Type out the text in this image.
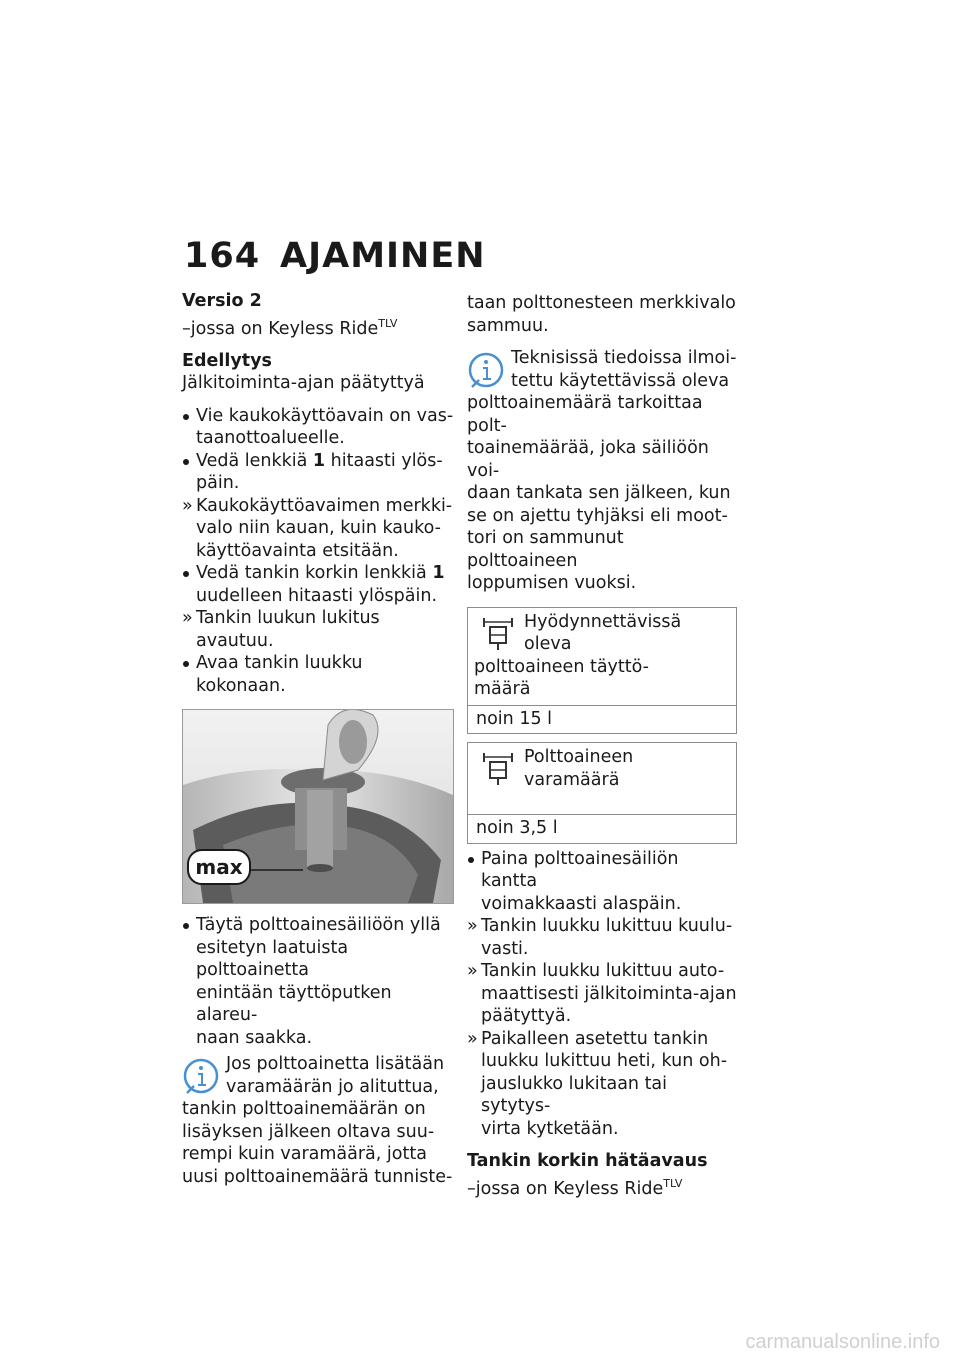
164 AJAMINEN

Versio 2

–jossa on Keyless Ride$^{TLV}$

Edellytys

Jälkitoiminta-ajan päätyttyä

Vie kaukokäyttöavain on vas-

taanottoalueelle.

Vedä lenkkiä 1 hitaasti ylös-

päin.

» Kaukokäyttöavaimen merkki-

valo niin kauan, kuin kauko-

käyttöavainta etsitään.

Vedä tankin korkin lenkkiä 1

uudelleen hitaasti ylöspäin.

» Tankin luukun lukitus avautuu.

Avaa tankin luukku kokonaan.

max

Täytä polttoainesäiliöön yllä

esitetyn laatuista polttoainetta

enintään täyttöputken alareu-

naan saakka.

Jos polttoainetta lisätään

varamäärän jo alituttua,

tankin polttoainemäärän on

lisäyksen jälkeen oltava suu-

rempi kuin varamäärä, jotta

uusi polttoainemäärä tunniste-

taan polttonesteen merkkivalo

sammuu.

Teknisissä tiedoissa ilmoi-

tettu käytettävissä oleva

polttoainemäärä tarkoittaa polt-

toainemäärää, joka säiliöön voi-

daan tankata sen jälkeen, kun

se on ajettu tyhjäksi eli moot-

tori on sammunut polttoaineen

loppumisen vuoksi.

Hyödynnettävissä oleva

polttoaineen täyttö-

määrä

noin 15 l

Polttoaineen varamäärä

noin 3,5 l

Paina polttoainesäiliön kantta

voimakkaasti alaspäin.

» Tankin luukku lukittuu kuulu-

vasti.

» Tankin luukku lukittuu auto-

maattisesti jälkitoiminta-ajan

päätyttyä.

» Paikalleen asetettu tankin

luukku lukittuu heti, kun oh-

jauslukko lukitaan tai sytytys-

virta kytketään.

Tankin korkin hätäavaus

–jossa on Keyless Ride$^{TLV}$

carmanualsonline.info
